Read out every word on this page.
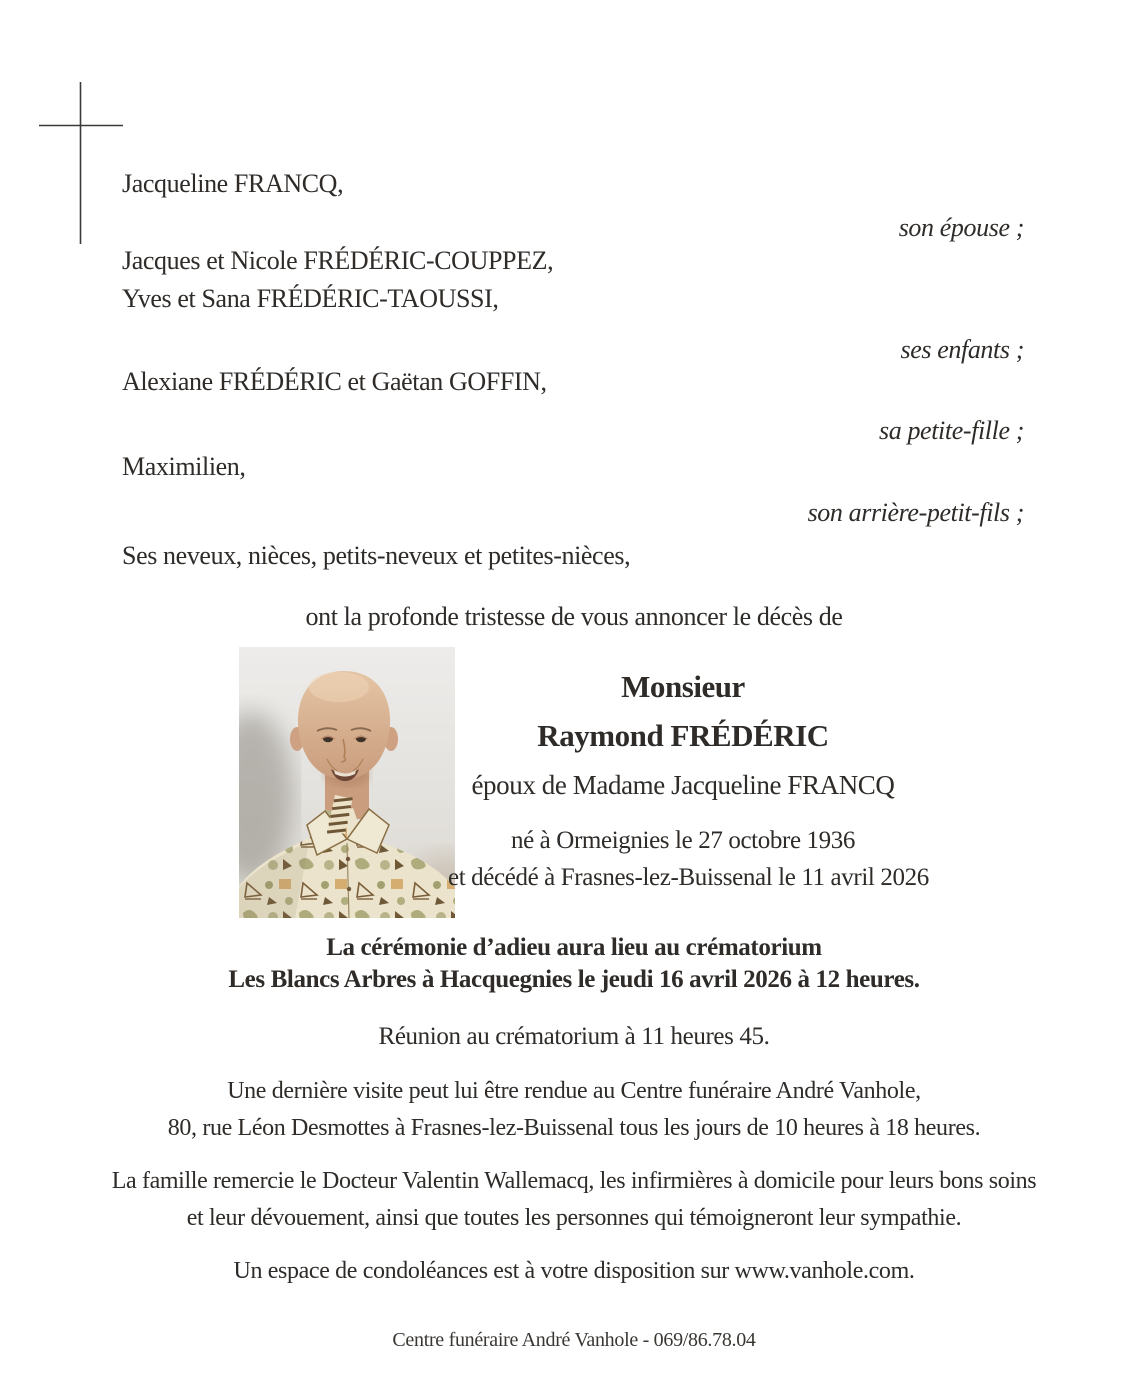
Jacqueline FRANCQ,
son épouse ;
Jacques et Nicole FRÉDÉRIC-COUPPEZ,
Yves et Sana FRÉDÉRIC-TAOUSSI,
ses enfants ;
Alexiane FRÉDÉRIC et Gaëtan GOFFIN,
sa petite-fille ;
Maximilien,
son arrière-petit-fils ;
Ses neveux, nièces, petits-neveux et petites-nièces,
ont la profonde tristesse de vous annoncer le décès de
Monsieur
Raymond FRÉDÉRIC
époux de Madame Jacqueline FRANCQ
né à Ormeignies le 27 octobre 1936
et décédé à Frasnes-lez-Buissenal le 11 avril 2026
La cérémonie d’adieu aura lieu au crématorium
Les Blancs Arbres à Hacquegnies le jeudi 16 avril 2026 à 12 heures.
Réunion au crématorium à 11 heures 45.
Une dernière visite peut lui être rendue au Centre funéraire André Vanhole,
80, rue Léon Desmottes à Frasnes-lez-Buissenal tous les jours de 10 heures à 18 heures.
La famille remercie le Docteur Valentin Wallemacq, les infirmières à domicile pour leurs bons soins
et leur dévouement, ainsi que toutes les personnes qui témoigneront leur sympathie.
Un espace de condoléances est à votre disposition sur www.vanhole.com.
Centre funéraire André Vanhole - 069/86.78.04
